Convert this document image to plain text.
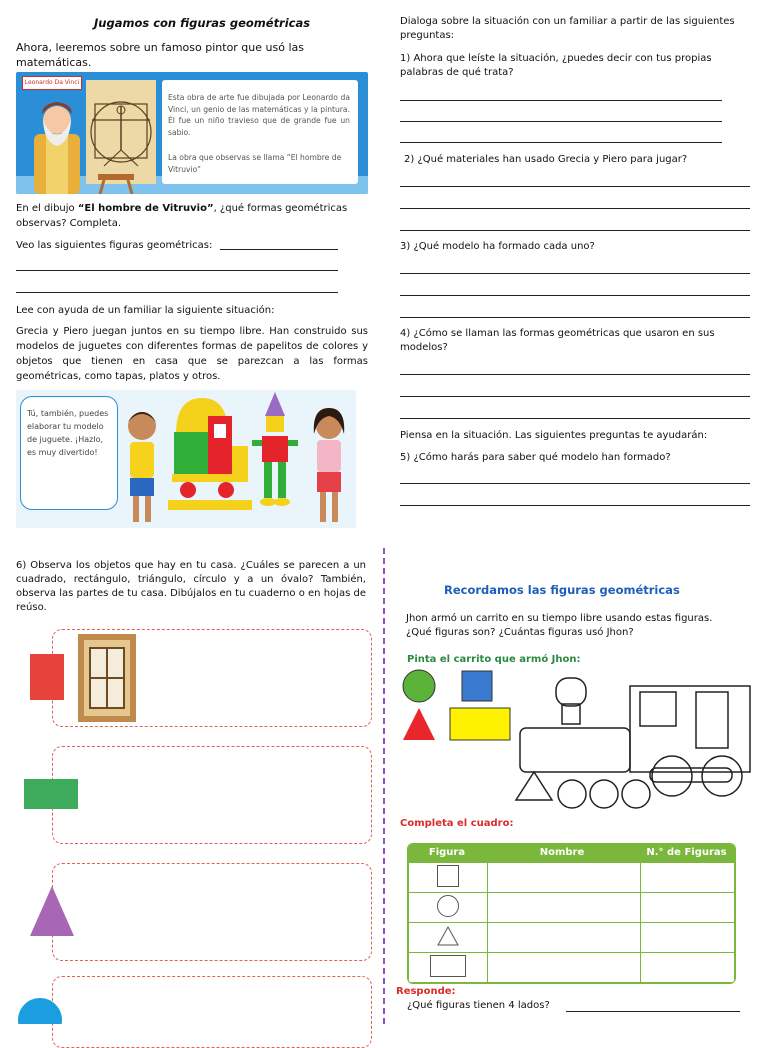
Jugamos con figuras geométricas
Ahora, leeremos sobre un famoso pintor que usó las matemáticas.
Leonardo Da Vinci
Esta obra de arte fue dibujada por Leonardo da Vinci, un genio de las matemáticas y la pintura. Él fue un niño travieso que de grande fue un sabio.
La obra que observas se llama “El hombre de Vitruvio”
En el dibujo “El hombre de Vitruvio”, ¿qué formas geométricas observas? Completa.
Veo las siguientes figuras geométricas:
Lee con ayuda de un familiar la siguiente situación:
Grecia y Piero juegan juntos en su tiempo libre. Han construido sus modelos de juguetes con diferentes formas de papelitos de colores y objetos que tienen en casa que se parezcan a las formas geométricas, como tapas, platos y otros.
Tú, también, puedes elaborar tu modelo de juguete. ¡Hazlo, es muy divertido!
Dialoga sobre la situación con un familiar a partir de las siguientes preguntas:
1) Ahora que leíste la situación, ¿puedes decir con tus propias palabras de qué trata?
2) ¿Qué materiales han usado Grecia y Piero para jugar?
3) ¿Qué modelo ha formado cada uno?
4) ¿Cómo se llaman las formas geométricas que usaron en sus modelos?
Piensa en la situación. Las siguientes preguntas te ayudarán:
5) ¿Cómo harás para saber qué modelo han formado?
6) Observa los objetos que hay en tu casa. ¿Cuáles se parecen a un cuadrado, rectángulo, triángulo, círculo y a un óvalo? También, observa las partes de tu casa. Dibújalos en tu cuaderno o en hojas de reúso.
Recordamos las figuras geométricas
Jhon armó un carrito en su tiempo libre usando estas figuras. ¿Qué figuras son? ¿Cuántas figuras usó Jhon?
Pinta el carrito que armó Jhon:
Completa el cuadro:
Figura	Nombre	N.° de Figuras

Responde:
¿Qué figuras tienen 4 lados?
